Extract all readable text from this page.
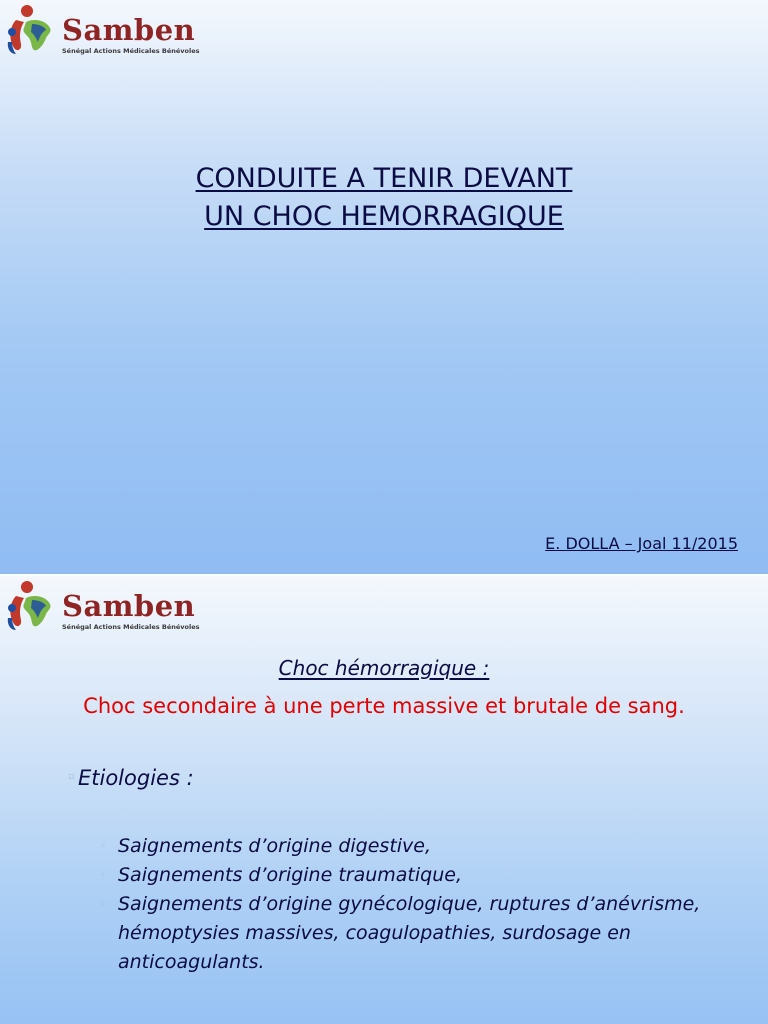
Samben
Sénégal Actions Médicales Bénévoles
CONDUITE A TENIR DEVANT
UN CHOC HEMORRAGIQUE
E. DOLLA – Joal 11/2015
Samben
Sénégal Actions Médicales Bénévoles
Choc hémorragique :
Choc secondaire à une perte massive et brutale de sang.
▫ Etiologies :
◦ Saignements d’origine digestive,
◦ Saignements d’origine traumatique,
◦ Saignements d’origine gynécologique, ruptures d’anévrisme, hémoptysies massives, coagulopathies, surdosage en anticoagulants.
